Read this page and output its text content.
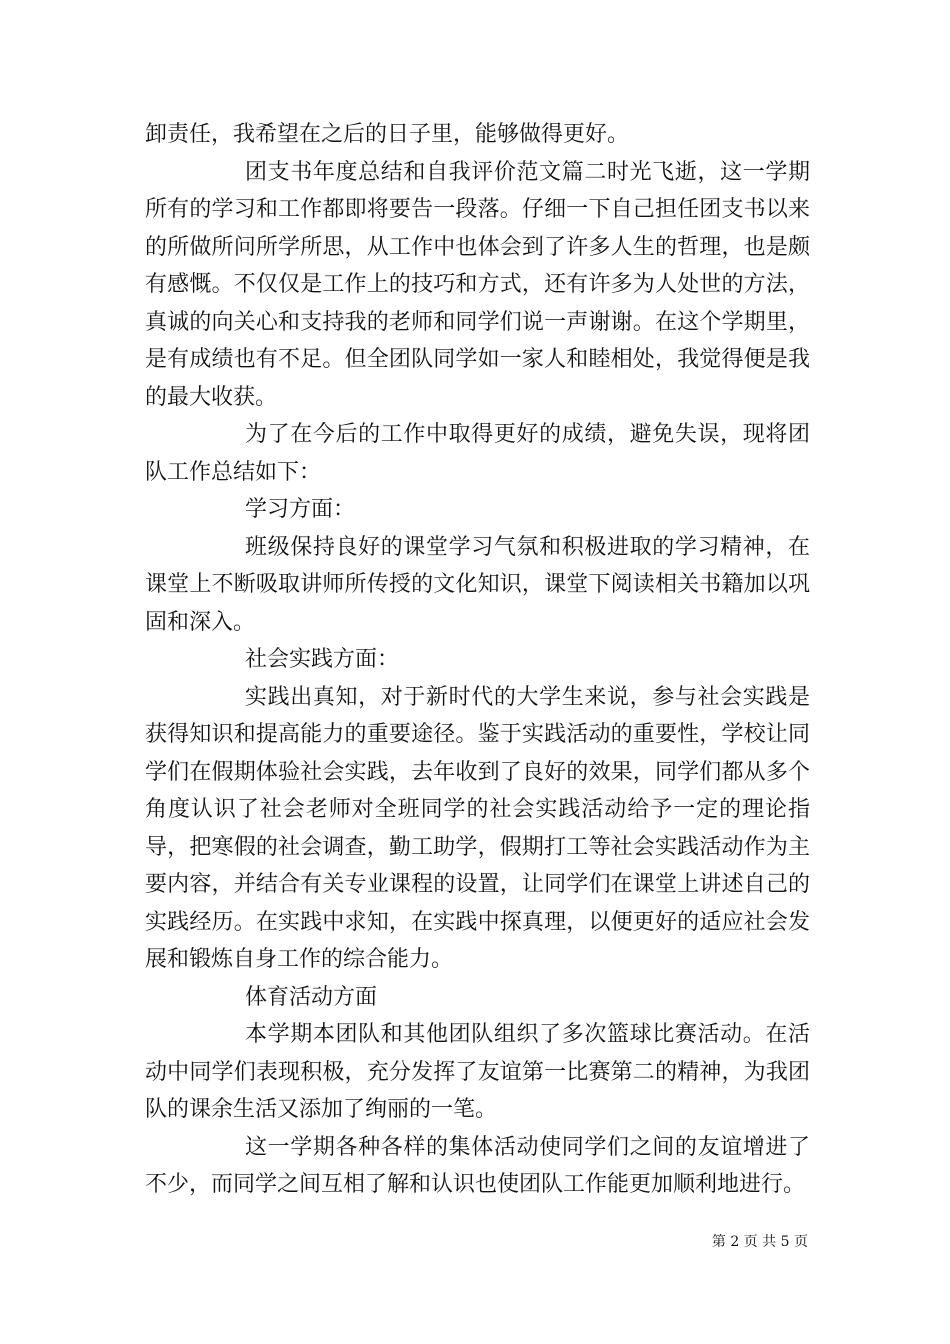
卸责任，我希望在之后的日子里，能够做得更好。

团支书年度总结和自我评价范文篇二时光飞逝，这一学期所有的学习和工作都即将要告一段落。仔细一下自己担任团支书以来的所做所问所学所思，从工作中也体会到了许多人生的哲理，也是颇有感慨。不仅仅是工作上的技巧和方式，还有许多为人处世的方法，真诚的向关心和支持我的老师和同学们说一声谢谢。在这个学期里，是有成绩也有不足。但全团队同学如一家人和睦相处，我觉得便是我的最大收获。

为了在今后的工作中取得更好的成绩，避免失误，现将团队工作总结如下：

学习方面：

班级保持良好的课堂学习气氛和积极进取的学习精神，在课堂上不断吸取讲师所传授的文化知识，课堂下阅读相关书籍加以巩固和深入。

社会实践方面：

实践出真知，对于新时代的大学生来说，参与社会实践是获得知识和提高能力的重要途径。鉴于实践活动的重要性，学校让同学们在假期体验社会实践，去年收到了良好的效果，同学们都从多个角度认识了社会老师对全班同学的社会实践活动给予一定的理论指导，把寒假的社会调查，勤工助学，假期打工等社会实践活动作为主要内容，并结合有关专业课程的设置，让同学们在课堂上讲述自己的实践经历。在实践中求知，在实践中探真理，以便更好的适应社会发展和锻炼自身工作的综合能力。

体育活动方面

本学期本团队和其他团队组织了多次篮球比赛活动。在活动中同学们表现积极，充分发挥了友谊第一比赛第二的精神，为我团队的课余生活又添加了绚丽的一笔。

这一学期各种各样的集体活动使同学们之间的友谊增进了不少，而同学之间互相了解和认识也使团队工作能更加顺利地进行。

第 2 页 共 5 页
